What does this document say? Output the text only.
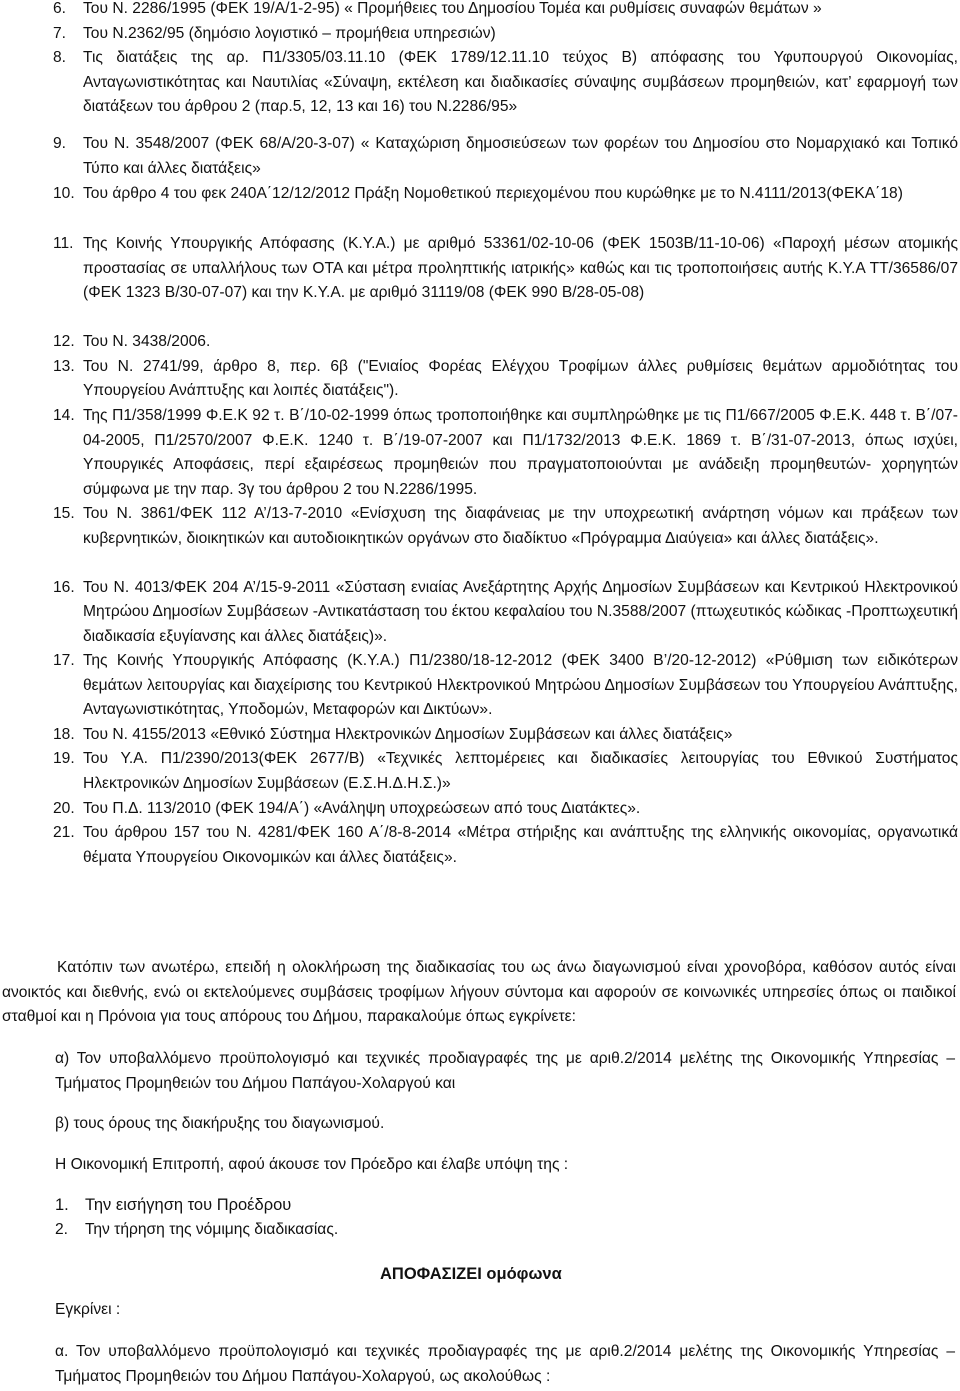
6.	Του Ν. 2286/1995 (ΦΕΚ 19/Α/1-2-95) « Προμήθειες του Δημοσίου Τομέα και ρυθμίσεις συναφών θεμάτων »
7.	Του Ν.2362/95 (δημόσιο λογιστικό – προμήθεια υπηρεσιών)
8.	Τις διατάξεις της αρ. Π1/3305/03.11.10 (ΦΕΚ 1789/12.11.10 τεύχος Β) απόφασης του Υφυπουργού Οικονομίας, Ανταγωνιστικότητας και Ναυτιλίας «Σύναψη, εκτέλεση και διαδικασίες σύναψης συμβάσεων προμηθειών, κατ’ εφαρμογή των διατάξεων του άρθρου 2 (παρ.5, 12, 13 και 16) του Ν.2286/95»
9.	Του Ν. 3548/2007 (ΦΕΚ 68/Α/20-3-07) « Καταχώριση δημοσιεύσεων των φορέων του Δημοσίου στο Νομαρχιακό και Τοπικό Τύπο και άλλες διατάξεις»
10. Του άρθρο 4 του φεκ 240Α΄12/12/2012 Πράξη Νομοθετικού περιεχομένου που κυρώθηκε με το Ν.4111/2013(ΦΕΚΑ΄18)
11. Της Κοινής Υπουργικής Απόφασης (Κ.Υ.Α.) με αριθμό 53361/02-10-06 (ΦΕΚ 1503Β/11-10-06) «Παροχή μέσων ατομικής προστασίας σε υπαλλήλους των ΟΤΑ και μέτρα προληπτικής ιατρικής» καθώς και τις τροποποιήσεις αυτής Κ.Υ.Α ΤΤ/36586/07 (ΦΕΚ 1323 Β/30-07-07) και την Κ.Υ.Α. με αριθμό 31119/08 (ΦΕΚ 990 Β/28-05-08)
12. Του Ν. 3438/2006.
13. Του Ν. 2741/99, άρθρο 8, περ. 6β ("Ενιαίος Φορέας Ελέγχου Τροφίμων άλλες ρυθμίσεις θεμάτων αρμοδιότητας του Υπουργείου Ανάπτυξης και λοιπές διατάξεις").
14. Της Π1/358/1999 Φ.Ε.Κ 92 τ. Β΄/10-02-1999 όπως τροποποιήθηκε και συμπληρώθηκε με τις Π1/667/2005 Φ.Ε.Κ. 448 τ. Β΄/07-04-2005, Π1/2570/2007 Φ.Ε.Κ. 1240 τ. Β΄/19-07-2007 και Π1/1732/2013 Φ.Ε.Κ. 1869 τ. Β΄/31-07-2013, όπως ισχύει, Υπουργικές Αποφάσεις, περί εξαιρέσεως προμηθειών που πραγματοποιούνται με ανάδειξη προμηθευτών- χορηγητών σύμφωνα με την παρ. 3γ του άρθρου 2 του Ν.2286/1995.
15. Του Ν. 3861/ΦΕΚ 112 Α’/13-7-2010 «Ενίσχυση της διαφάνειας με την υποχρεωτική ανάρτηση νόμων και πράξεων των κυβερνητικών, διοικητικών και αυτοδιοικητικών οργάνων στο διαδίκτυο «Πρόγραμμα Διαύγεια» και άλλες διατάξεις».
16. Του Ν. 4013/ΦΕΚ 204 Α’/15-9-2011 «Σύσταση ενιαίας Ανεξάρτητης Αρχής Δημοσίων Συμβάσεων και Κεντρικού Ηλεκτρονικού Μητρώου Δημοσίων Συμβάσεων -Αντικατάσταση του έκτου κεφαλαίου του Ν.3588/2007 (πτωχευτικός κώδικας -Προπτωχευτική διαδικασία εξυγίανσης και άλλες διατάξεις)».
17. Της Κοινής Υπουργικής Απόφασης (Κ.Υ.Α.) Π1/2380/18-12-2012 (ΦΕΚ 3400 Β’/20-12-2012) «Ρύθμιση των ειδικότερων θεμάτων λειτουργίας και διαχείρισης του Κεντρικού Ηλεκτρονικού Μητρώου Δημοσίων Συμβάσεων του Υπουργείου Ανάπτυξης, Ανταγωνιστικότητας, Υποδομών, Μεταφορών και Δικτύων».
18. Του Ν. 4155/2013 «Εθνικό Σύστημα Ηλεκτρονικών Δημοσίων Συμβάσεων και άλλες διατάξεις»
19. Του Υ.Α. Π1/2390/2013(ΦΕΚ 2677/Β) «Τεχνικές λεπτομέρειες και διαδικασίες λειτουργίας του Εθνικού Συστήματος Ηλεκτρονικών Δημοσίων Συμβάσεων (Ε.Σ.Η.Δ.Η.Σ.)»
20. Του Π.Δ. 113/2010 (ΦΕΚ 194/Α΄) «Ανάληψη υποχρεώσεων από τους Διατάκτες».
21. Του άρθρου 157 του Ν. 4281/ΦΕΚ 160 Α΄/8-8-2014 «Μέτρα στήριξης και ανάπτυξης της ελληνικής οικονομίας, οργανωτικά θέματα Υπουργείου Οικονομικών και άλλες διατάξεις».
Κατόπιν των ανωτέρω, επειδή η ολοκλήρωση της διαδικασίας του ως άνω διαγωνισμού είναι χρονοβόρα, καθόσον αυτός είναι ανοικτός και διεθνής, ενώ οι εκτελούμενες συμβάσεις τροφίμων λήγουν σύντομα και αφορούν σε κοινωνικές υπηρεσίες όπως οι παιδικοί σταθμοί και η Πρόνοια για τους απόρους του Δήμου, παρακαλούμε όπως εγκρίνετε:
α) Τον υποβαλλόμενο προϋπολογισμό και τεχνικές προδιαγραφές της με αριθ.2/2014 μελέτης της Οικονομικής Υπηρεσίας – Τμήματος Προμηθειών του Δήμου Παπάγου-Χολαργού και
β) τους όρους της διακήρυξης του διαγωνισμού.
Η Οικονομική Επιτροπή, αφού άκουσε τον Πρόεδρο και έλαβε υπόψη της :
1. Την εισήγηση του Προέδρου
2. Την τήρηση της νόμιμης διαδικασίας.
ΑΠΟΦΑΣΙΖΕΙ ομόφωνα
Εγκρίνει :
α. Τον υποβαλλόμενο προϋπολογισμό και τεχνικές προδιαγραφές της με αριθ.2/2014 μελέτης της Οικονομικής Υπηρεσίας – Τμήματος Προμηθειών του Δήμου Παπάγου-Χολαργού, ως ακολούθως :
